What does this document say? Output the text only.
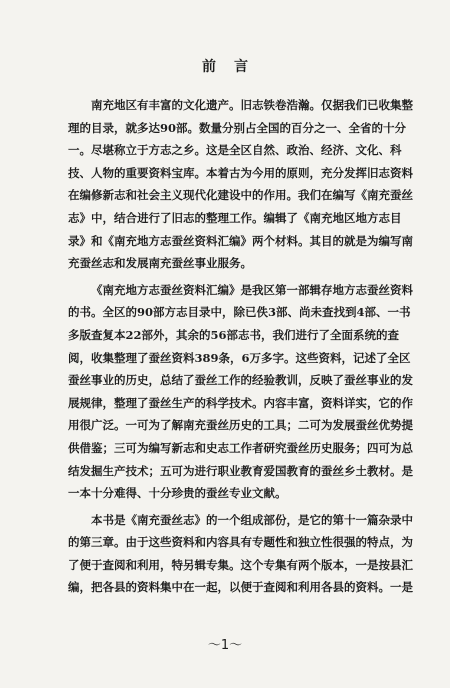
前言

南充地区有丰富的文化遗产。旧志铁卷浩瀚。仅据我们已收集整理的目录，就多达90部。数量分别占全国的百分之一、全省的十分一。尽堪称立于方志之乡。这是全区自然、政治、经济、文化、科技、人物的重要资料宝库。本着古为今用的原则，充分发挥旧志资料在编修新志和社会主义现代化建设中的作用。我们在编写《南充蚕丝志》中，结合进行了旧志的整理工作。编辑了《南充地区地方志目录》和《南充地方志蚕丝资料汇编》两个材料。其目的就是为编写南充蚕丝志和发展南充蚕丝事业服务。

《南充地方志蚕丝资料汇编》是我区第一部辑存地方志蚕丝资料的书。全区的90部方志目录中，除已佚3部、尚未查找到4部、一书多版查复本22部外，其余的56部志书，我们进行了全面系统的查阅，收集整理了蚕丝资料389条，6万多字。这些资料，记述了全区蚕丝事业的历史，总结了蚕丝工作的经验教训，反映了蚕丝事业的发展规律，整理了蚕丝生产的科学技术。内容丰富，资料详实，它的作用很广泛。一可为了解南充蚕丝历史的工具；二可为发展蚕丝优势提供借鉴；三可为编写新志和史志工作者研究蚕丝历史服务；四可为总结发掘生产技术；五可为进行职业教育爱国教育的蚕丝乡土教材。是一本十分难得、十分珍贵的蚕丝专业文献。

本书是《南充蚕丝志》的一个组成部份，是它的第十一篇杂录中的第三章。由于这些资料和内容具有专题性和独立性很强的特点，为了便于查阅和利用，特另辑专集。这个专集有两个版本，一是按县汇编，把各县的资料集中在一起，以便于查阅和利用各县的资料。一是

～1～
